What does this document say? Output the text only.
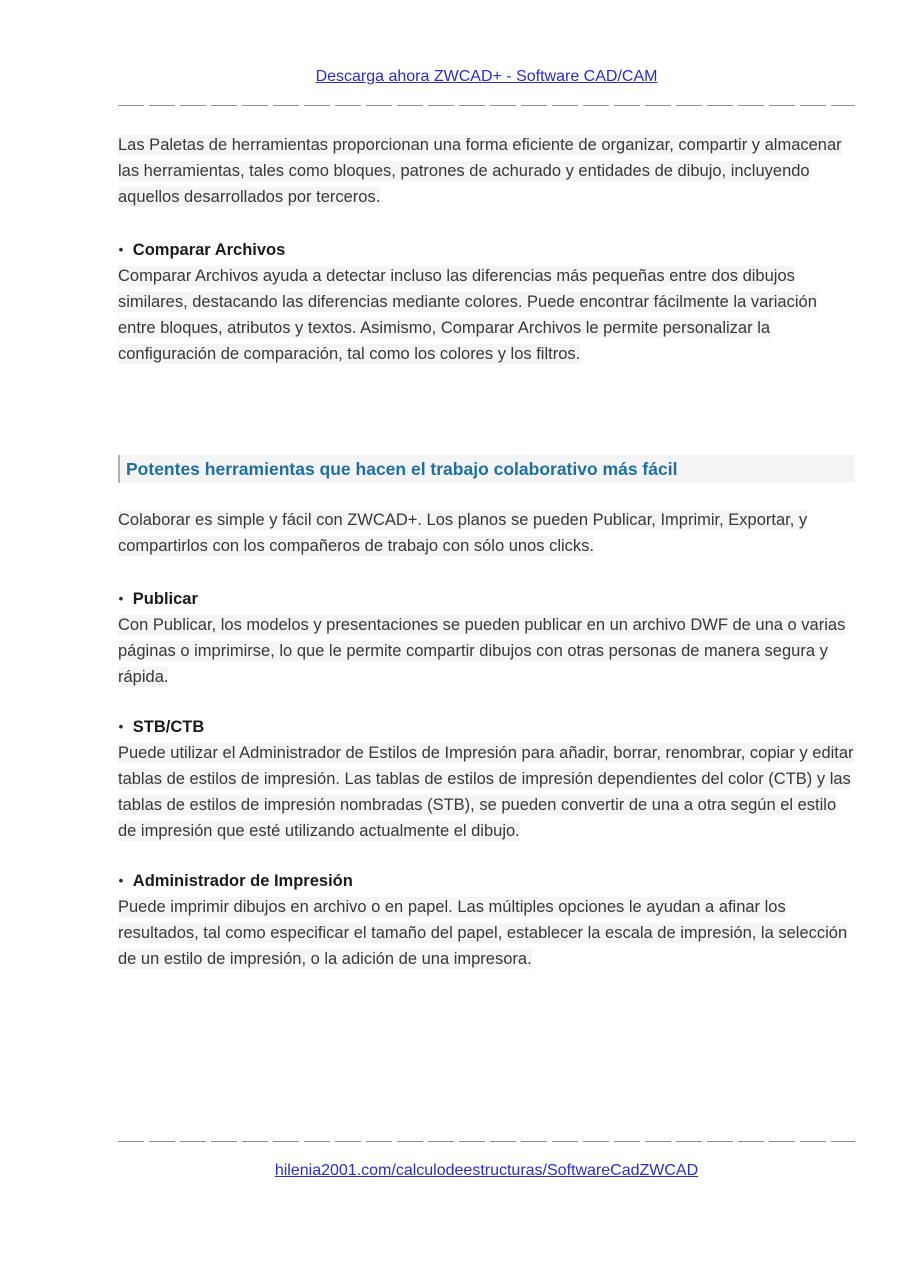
Descarga ahora ZWCAD+ - Software CAD/CAM

Las Paletas de herramientas proporcionan una forma eficiente de organizar, compartir y almacenar las herramientas, tales como bloques, patrones de achurado y entidades de dibujo, incluyendo aquellos desarrollados por terceros.

• Comparar Archivos

Comparar Archivos ayuda a detectar incluso las diferencias más pequeñas entre dos dibujos similares, destacando las diferencias mediante colores. Puede encontrar fácilmente la variación entre bloques, atributos y textos. Asimismo, Comparar Archivos le permite personalizar la configuración de comparación, tal como los colores y los filtros.

Potentes herramientas que hacen el trabajo colaborativo más fácil

Colaborar es simple y fácil con ZWCAD+. Los planos se pueden Publicar, Imprimir, Exportar, y compartirlos con los compañeros de trabajo con sólo unos clicks.

• Publicar

Con Publicar, los modelos y presentaciones se pueden publicar en un archivo DWF de una o varias páginas o imprimirse, lo que le permite compartir dibujos con otras personas de manera segura y rápida.

• STB/CTB

Puede utilizar el Administrador de Estilos de Impresión para añadir, borrar, renombrar, copiar y editar tablas de estilos de impresión. Las tablas de estilos de impresión dependientes del color (CTB) y las tablas de estilos de impresión nombradas (STB), se pueden convertir de una a otra según el estilo de impresión que esté utilizando actualmente el dibujo.

• Administrador de Impresión

Puede imprimir dibujos en archivo o en papel. Las múltiples opciones le ayudan a afinar los resultados, tal como especificar el tamaño del papel, establecer la escala de impresión, la selección de un estilo de impresión, o la adición de una impresora.

hilenia2001.com/calculodeestructuras/SoftwareCadZWCAD
